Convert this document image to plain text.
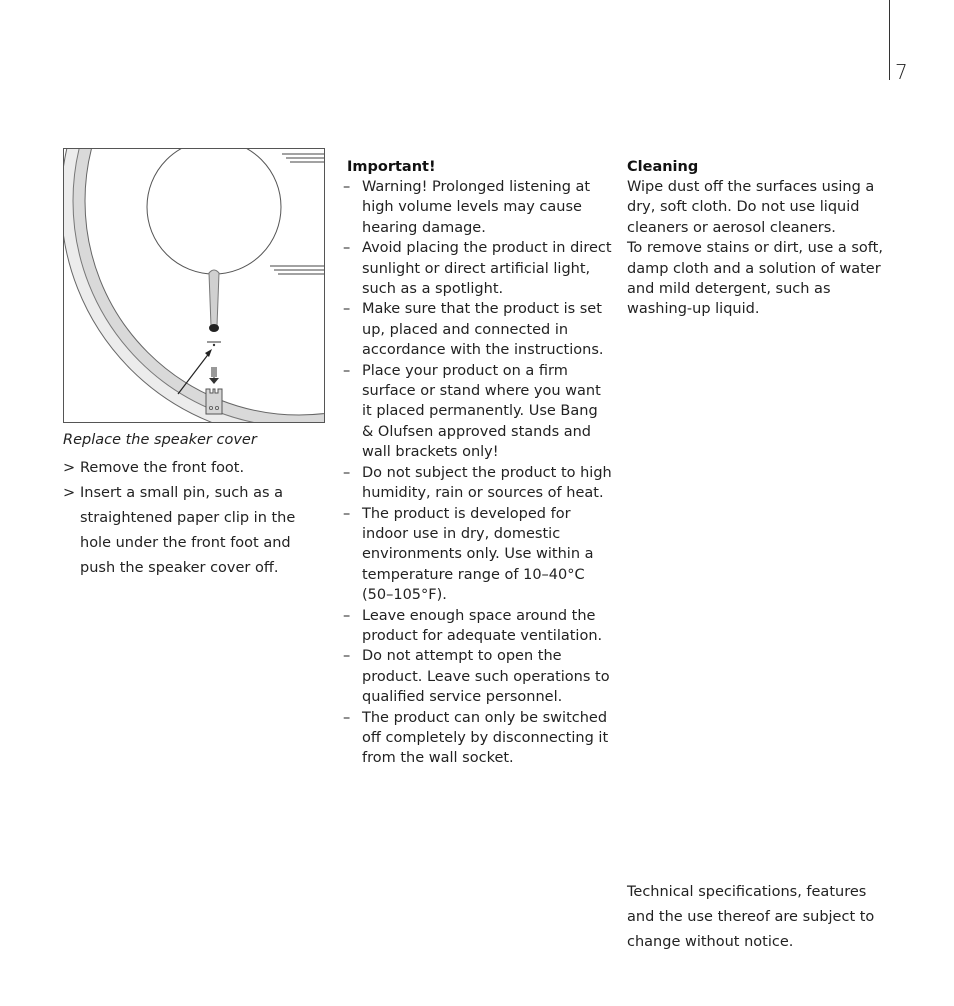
7
Replace the speaker cover
> Remove the front foot.
> Insert a small pin, such as a straightened paper clip in the hole under the front foot and push the speaker cover off.
Important!
– Warning! Prolonged listening at high volume levels may cause hearing damage.
– Avoid placing the product in direct sunlight or direct artificial light, such as a spotlight.
– Make sure that the product is set up, placed and connected in accordance with the instructions.
– Place your product on a firm surface or stand where you want it placed permanently. Use Bang & Olufsen approved stands and wall brackets only!
– Do not subject the product to high humidity, rain or sources of heat.
– The product is developed for indoor use in dry, domestic environments only. Use within a temperature range of 10–40°C (50–105°F).
– Leave enough space around the product for adequate ventilation.
– Do not attempt to open the product. Leave such operations to qualified service personnel.
– The product can only be switched off completely by disconnecting it from the wall socket.
Cleaning

Wipe dust off the surfaces using a dry, soft cloth. Do not use liquid cleaners or aerosol cleaners.

To remove stains or dirt, use a soft, damp cloth and a solution of water and mild detergent, such as washing-up liquid.

Technical specifications, features and the use thereof are subject to change without notice.
